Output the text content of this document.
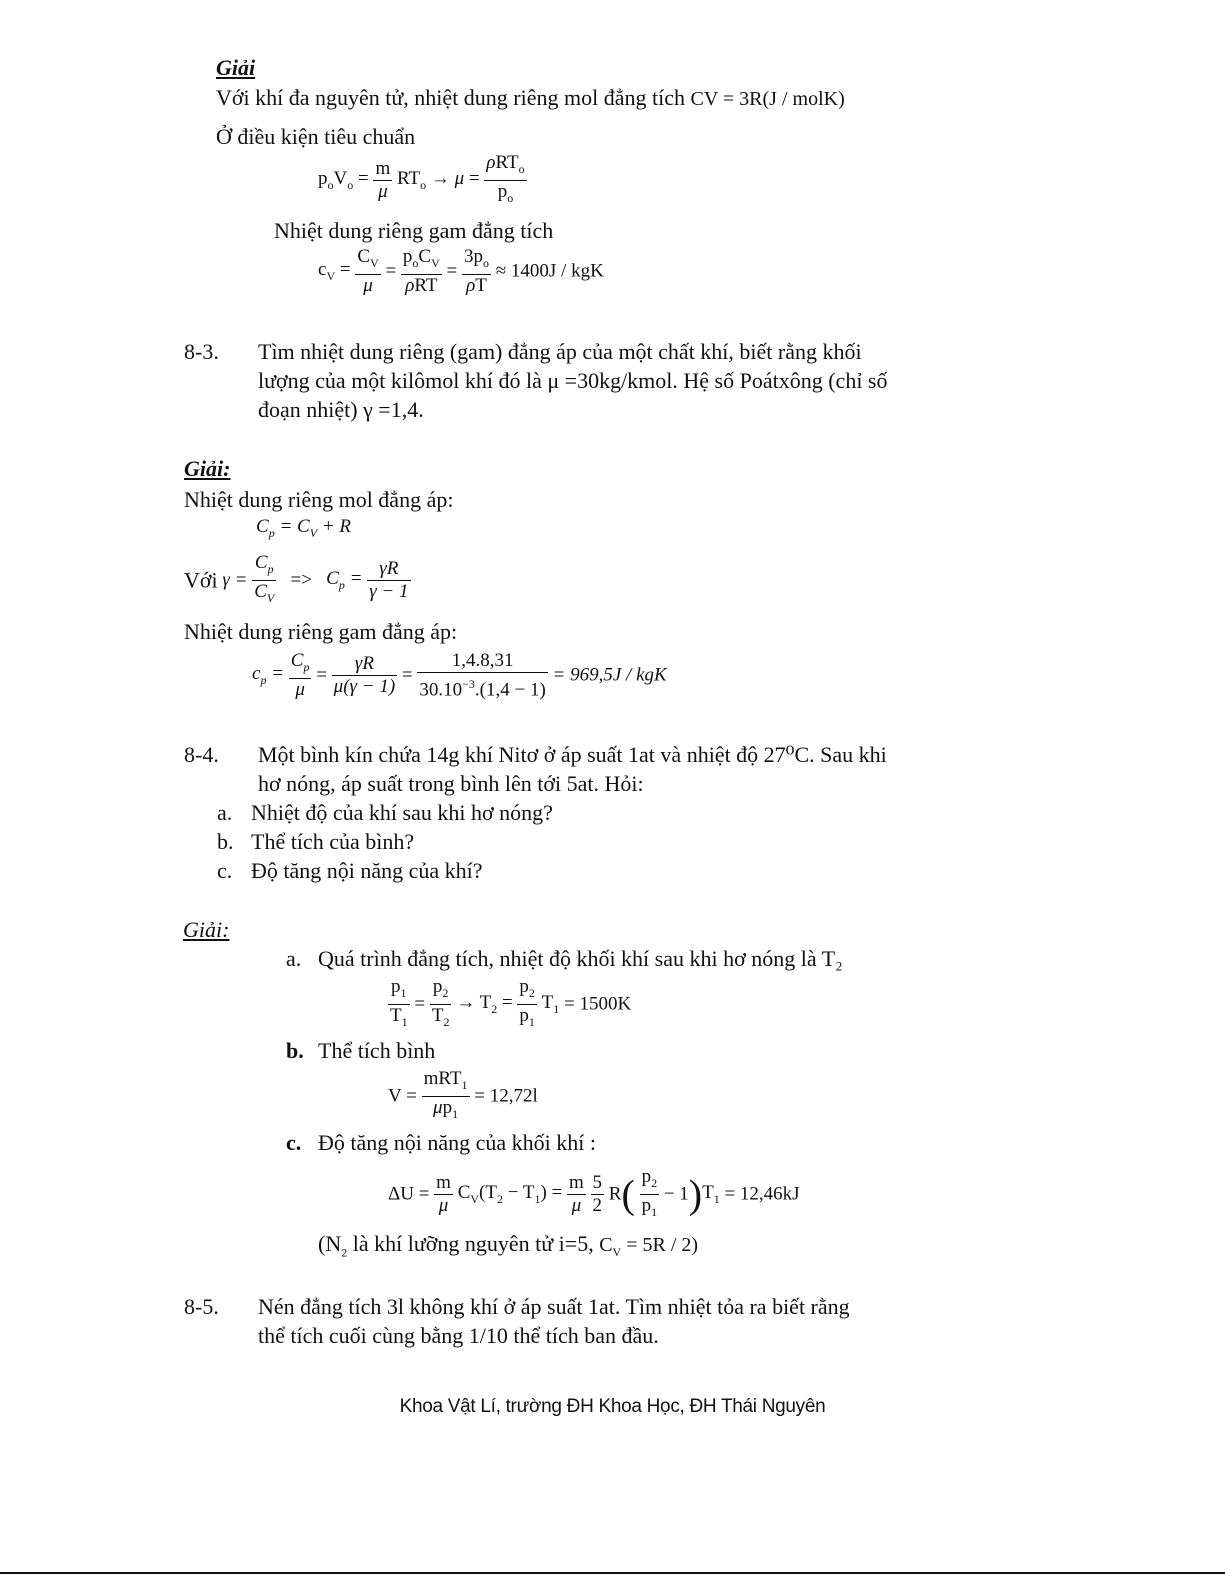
Giải
Với khí đa nguyên tử, nhiệt dung riêng mol đẳng tích CV = 3R(J / molK)
Ở điều kiện tiêu chuẩn
$p_oV_o = \frac{m}{\mu} RT_o \to \mu = \frac{\rho RT_o}{p_o}$
Nhiệt dung riêng gam đẳng tích
$c_V = \frac{C_V}{\mu} = \frac{p_oC_V}{\text{ρRT}} = \frac{3p_o}{\rho T} \approx 1400J$ / kgK
8-3. Tìm nhiệt dung riêng (gam) đẳng áp của một chất khí, biết rằng khối
lượng của một kilômol khí đó là μ =30kg/kmol. Hệ số Poátxông (chỉ số
đoạn nhiệt) γ =1,4.
Giải:
Nhiệt dung riêng mol đẳng áp:
$C_p = C_V + R$
Với $\gamma = \frac{C_p}{C_V} => C_p = \frac{\gamma R}{\gamma - 1}$
Nhiệt dung riêng gam đẳng áp:
$c_p = \frac{C_p}{\mu} = \frac{\gamma R}{\mu(\gamma - 1)} = \frac{1,4.8,31}{30.10^{-3}.(1,4 - 1)} = 969,5J$ / kgK
8-4. Một bình kín chứa 14g khí Nitơ ở áp suất 1at và nhiệt độ 27⁰C. Sau khi
hơ nóng, áp suất trong bình lên tới 5at. Hỏi:
a. Nhiệt độ của khí sau khi hơ nóng?
b. Thể tích của bình?
c. Độ tăng nội năng của khí?
Giải:
a. Quá trình đẳng tích, nhiệt độ khối khí sau khi hơ nóng là T₂
$\frac{p_1}{T_1} = \frac{p_2}{T_2} \to T_2 = \frac{p_2}{p_1} T_1 = 1500K$
b. Thể tích bình
$V = \frac{mRT_1}{\mu p_1} = 12,72l$
c. Độ tăng nội năng của khối khí :
$\Delta U = \frac{m}{\mu} C_V(T_2 - T_1) = \frac{m}{\mu}$
$\frac{5}{2} R( \frac{p_2}{p_1} - 1)T_1 = 12,46kJ$
($N_2$ là khí lưỡng nguyên tử i=5, $C_V = 5R / 2$)
8-5. Nén đẳng tích 3l không khí ở áp suất 1at. Tìm nhiệt tỏa ra biết rằng
thể tích cuối cùng bằng 1/10 thể tích ban đầu.
Khoa Vật Lí, trường ĐH Khoa Học, ĐH Thái Nguyên
